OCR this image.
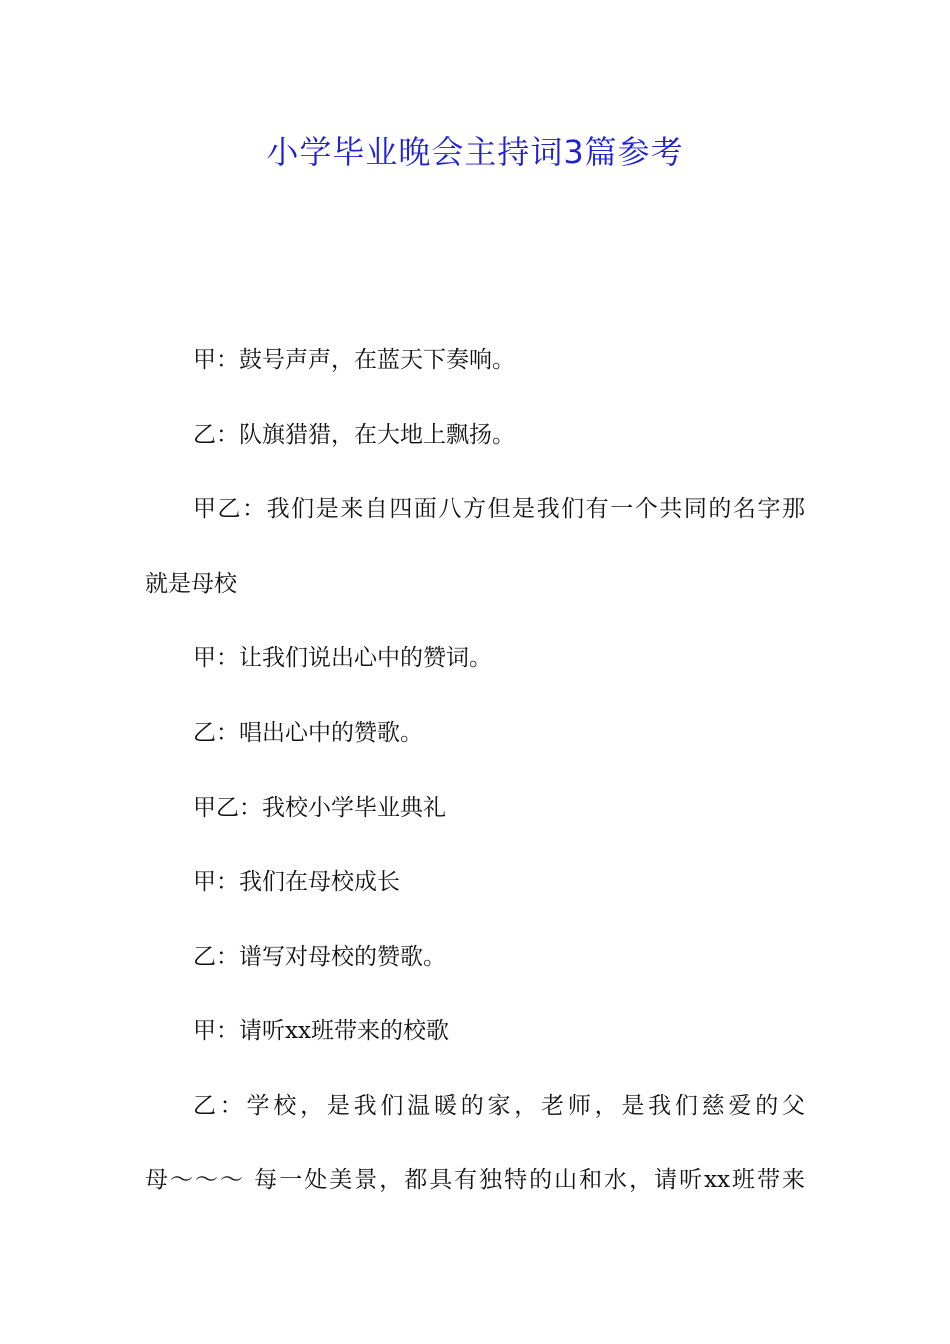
小学毕业晚会主持词3篇参考
甲：鼓号声声，在蓝天下奏响。
乙：队旗猎猎，在大地上飘扬。
甲乙：我们是来自四面八方但是我们有一个共同的名字那
就是母校
甲：让我们说出心中的赞词。
乙：唱出心中的赞歌。
甲乙：我校小学毕业典礼
甲：我们在母校成长
乙：谱写对母校的赞歌。
甲：请听xx班带来的校歌
乙：学校，是我们温暖的家，老师，是我们慈爱的父
母～～～ 每一处美景，都具有独特的山和水，请听xx班带来
